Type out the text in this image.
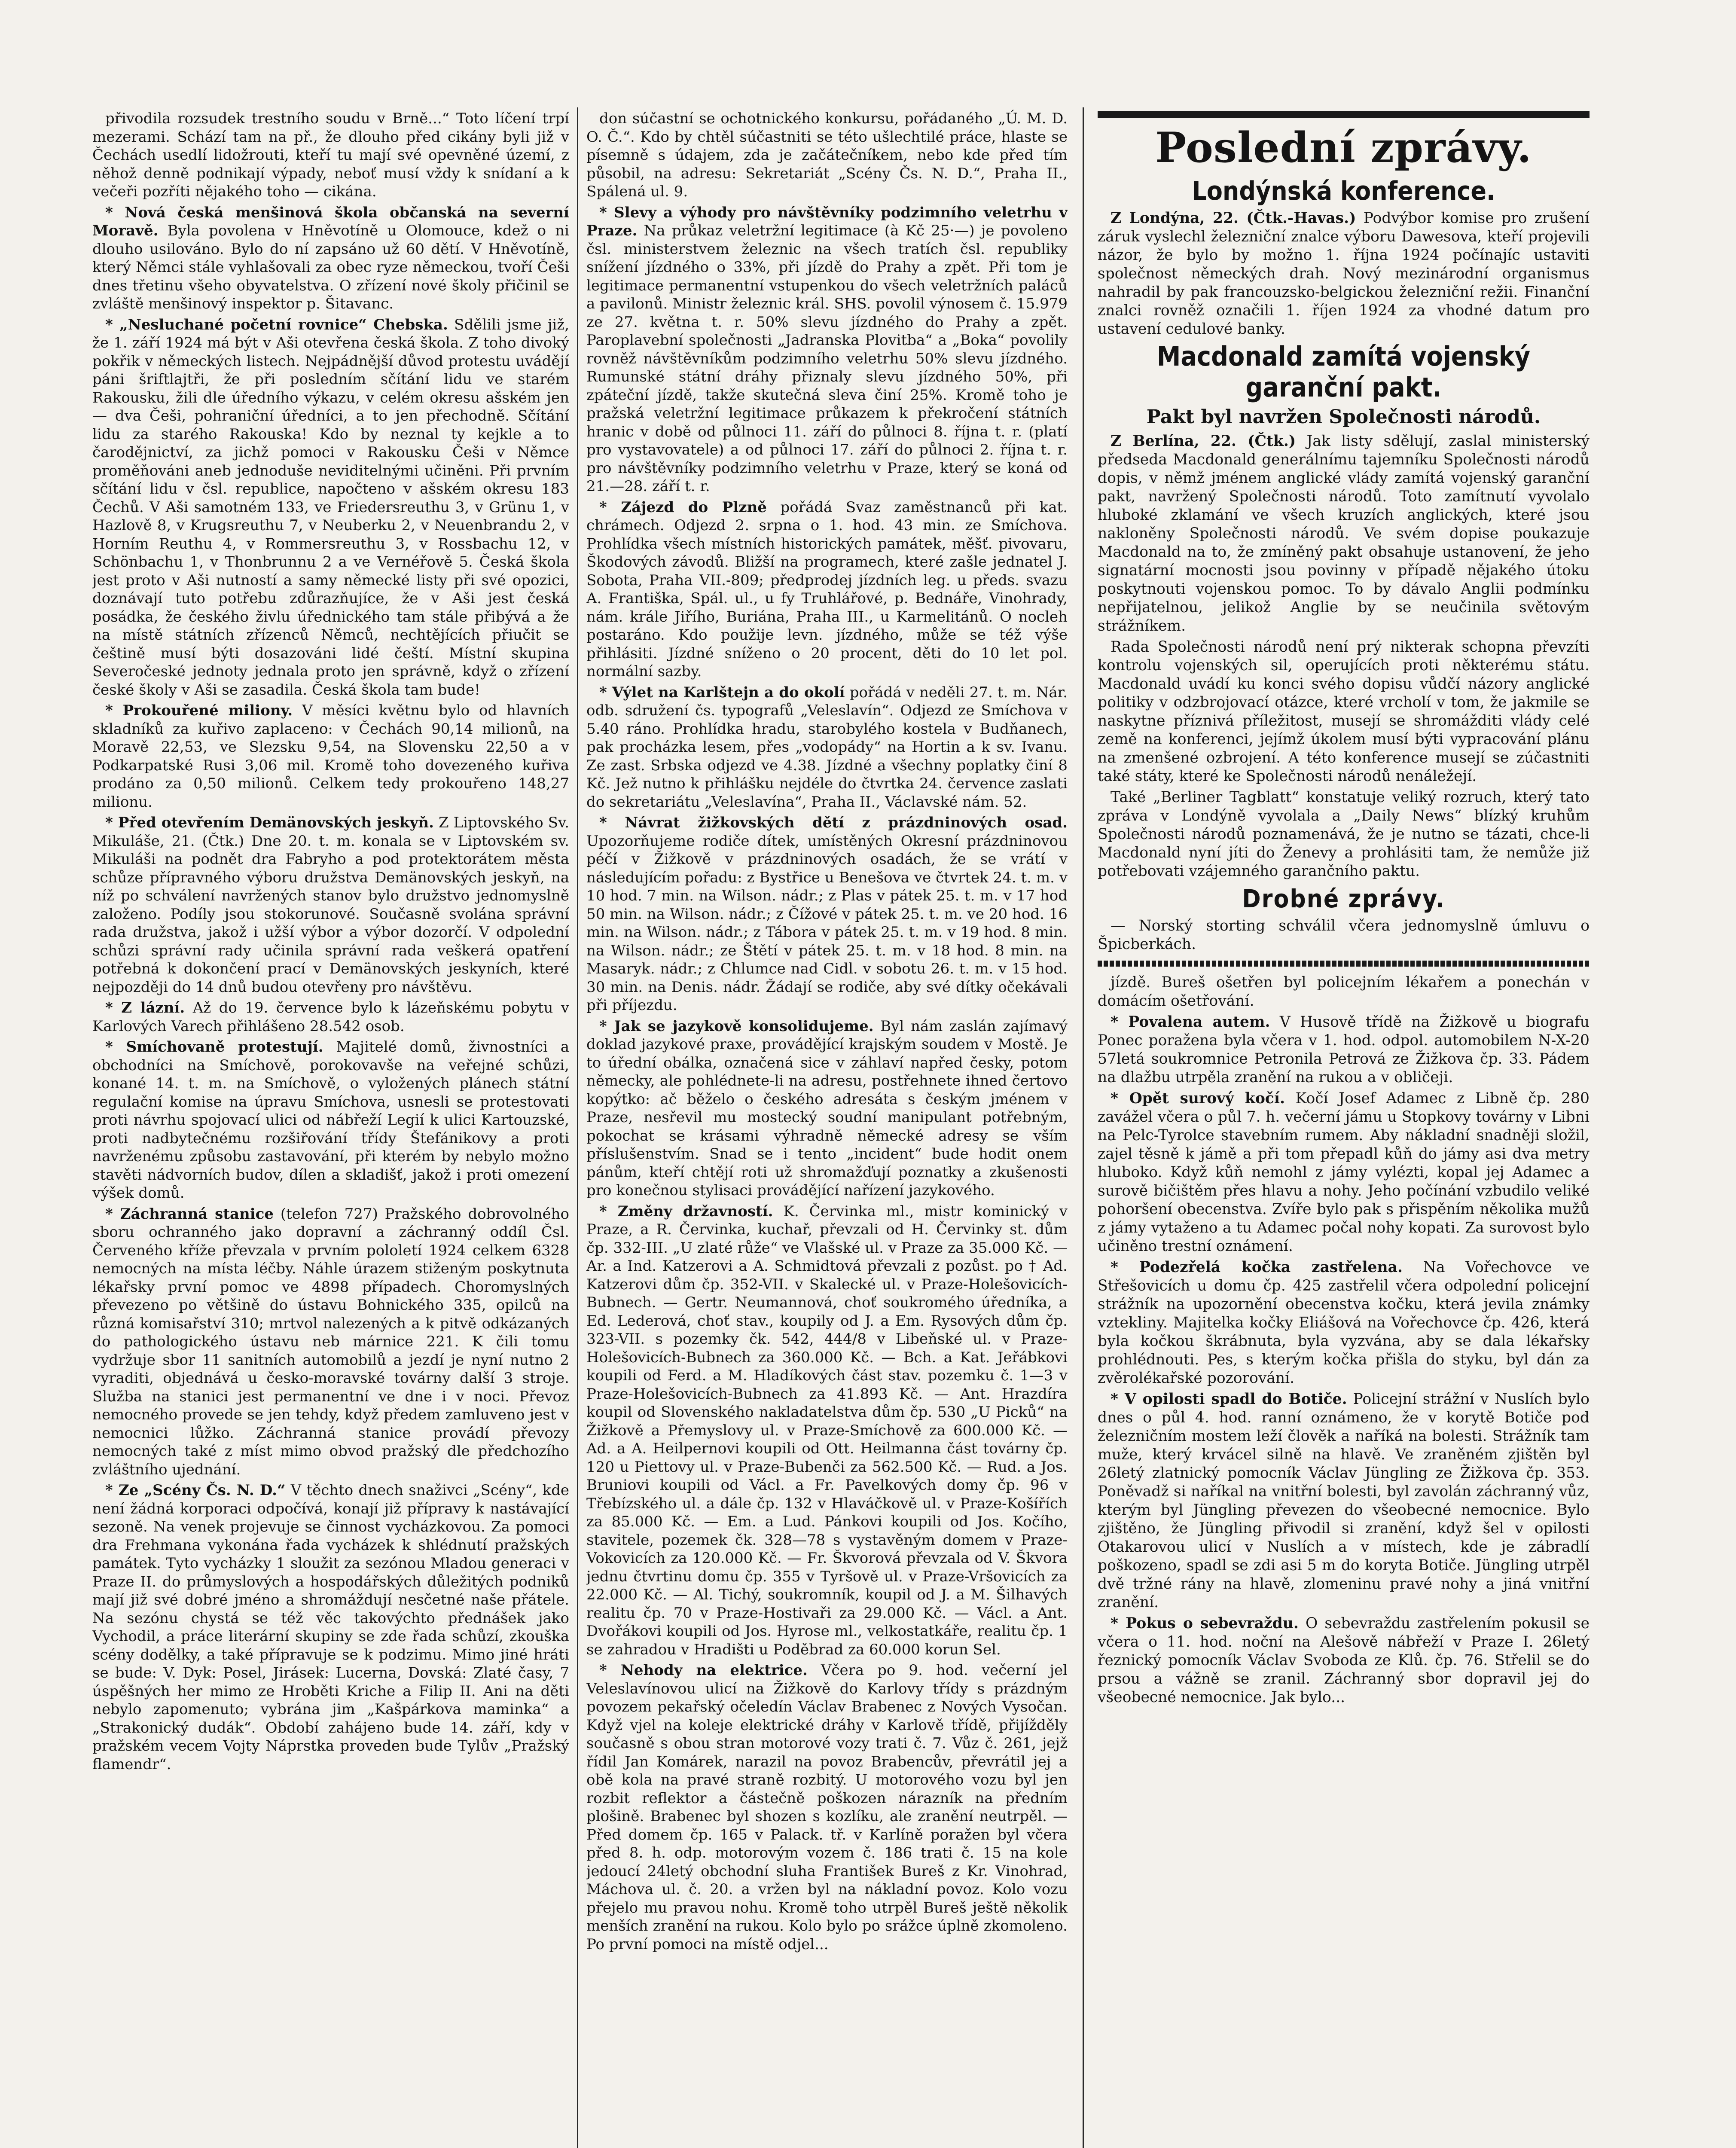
přivodila rozsudek trestního soudu v Brně...“ Toto líčení trpí mezerami. Schází tam na př., že dlouho před cikány byli již v Čechách usedlí lidožrouti, kteří tu mají své opevněné území, z něhož denně podnikají výpady, neboť musí vždy k snídaní a k večeři pozříti nějakého toho — cikána.

* Nová česká menšinová škola občanská na severní Moravě. Byla povolena v Hněvotíně u Olomouce, kdež o ni dlouho usilováno. Bylo do ní zapsáno už 60 dětí. V Hněvotíně, který Němci stále vyhlašovali za obec ryze německou, tvoří Češi dnes třetinu všeho obyvatelstva. O zřízení nové školy přičinil se zvláště menšinový inspektor p. Šitavanc.

* „Nesluchané početní rovnice“ Chebska. Sdělili jsme již, že 1. září 1924 má být v Aši otevřena česká škola. Z toho divoký pokřik v německých listech. Nejpádnější důvod protestu uvádějí páni šriftlajtři, že při posledním sčítání lidu ve starém Rakousku, žili dle úředního výkazu, v celém okresu ašském jen — dva Češi, pohraniční úředníci, a to jen přechodně. Sčítání lidu za starého Rakouska! Kdo by neznal ty kejkle a to čarodějnictví, za jichž pomoci v Rakousku Češi v Němce proměňováni aneb jednoduše neviditelnými učiněni. Při prvním sčítání lidu v čsl. republice, napočteno v ašském okresu 183 Čechů. V Aši samotném 133, ve Friedersreuthu 3, v Grünu 1, v Hazlově 8, v Krugsreuthu 7, v Neuberku 2, v Neuenbrandu 2, v Horním Reuthu 4, v Rommersreuthu 3, v Rossbachu 12, v Schönbachu 1, v Thonbrunnu 2 a ve Vernéřově 5. Česká škola jest proto v Aši nutností a samy německé listy při své opozici, doznávají tuto potřebu zdůrazňujíce, že v Aši jest česká posádka, že českého živlu úřednického tam stále přibývá a že na místě státních zřízenců Němců, nechtějících přiučit se češtině musí býti dosazováni lidé čeští. Místní skupina Severočeské jednoty jednala proto jen správně, když o zřízení české školy v Aši se zasadila. Česká škola tam bude!

* Prokouřené miliony. V měsíci květnu bylo od hlavních skladníků za kuřivo zaplaceno: v Čechách 90,14 milionů, na Moravě 22,53, ve Slezsku 9,54, na Slovensku 22,50 a v Podkarpatské Rusi 3,06 mil. Kromě toho dovezeného kuřiva prodáno za 0,50 milionů. Celkem tedy prokouřeno 148,27 milionu.

* Před otevřením Demänovských jeskyň. Z Liptovského Sv. Mikuláše, 21. (Čtk.) Dne 20. t. m. konala se v Liptovském sv. Mikuláši na podnět dra Fabryho a pod protektorátem města schůze přípravného výboru družstva Demänovských jeskyň, na níž po schválení navržených stanov bylo družstvo jednomyslně založeno. Podíly jsou stokorunové. Současně svolána správní rada družstva, jakož i užší výbor a výbor dozorčí. V odpolední schůzi správní rady učinila správní rada veškerá opatření potřebná k dokončení prací v Demänovských jeskyních, které nejpozději do 14 dnů budou otevřeny pro návštěvu.

* Z lázní. Až do 19. července bylo k lázeňskému pobytu v Karlových Varech přihlášeno 28.542 osob.

* Smíchovaně protestují. Majitelé domů, živnostníci a obchodníci na Smíchově, porokovavše na veřejné schůzi, konané 14. t. m. na Smíchově, o vyložených plánech státní regulační komise na úpravu Smíchova, usnesli se protestovati proti návrhu spojovací ulici od nábřeží Legií k ulici Kartouzské, proti nadbytečnému rozšiřování třídy Štefánikovy a proti navrženému způsobu zastavování, při kterém by nebylo možno stavěti nádvorních budov, dílen a skladišť, jakož i proti omezení výšek domů.

* Záchranná stanice (telefon 727) Pražského dobrovolného sboru ochranného jako dopravní a záchranný oddíl Čsl. Červeného kříže převzala v prvním pololetí 1924 celkem 6328 nemocných na místa léčby. Náhle úrazem stiženým poskytnuta lékařsky první pomoc ve 4898 případech. Choromyslných převezeno po většině do ústavu Bohnického 335, opilců na různá komisařství 310; mrtvol nalezených a k pitvě odkázaných do pathologického ústavu neb márnice 221. K čili tomu vydržuje sbor 11 sanitních automobilů a jezdí je nyní nutno 2 vyraditi, objednává u česko-moravské továrny další 3 stroje. Služba na stanici jest permanentní ve dne i v noci. Převoz nemocného provede se jen tehdy, když předem zamluveno jest v nemocnici lůžko. Záchranná stanice provádí převozy nemocných také z míst mimo obvod pražský dle předchozího zvláštního ujednání.

* Ze „Scény Čs. N. D.“ V těchto dnech snaživci „Scény“, kde není žádná korporaci odpočívá, konají již přípravy k nastávající sezoně. Na venek projevuje se činnost vycházkovou. Za pomoci dra Frehmana vykonána řada vycházek k shlédnutí pražských památek. Tyto vycházky 1 sloužit za sezónou Mladou generaci v Praze II. do průmyslových a hospodářských důležitých podniků mají již své dobré jméno a shromáždují nesčetné naše přátele. Na sezónu chystá se též věc takovýchto přednášek jako Vychodil, a práce literární skupiny se zde řada schůzí, zkouška scény dodělky, a také přípravuje se k podzimu. Mimo jiné hráti se bude: V. Dyk: Posel, Jirásek: Lucerna, Dovská: Zlaté časy, 7 úspěšných her mimo ze Hroběti Kriche a Filip II. Ani na děti nebylo zapomenuto; vybrána jim „Kašpárkova maminka“ a „Strakonický dudák“. Období zahájeno bude 14. září, kdy v pražském vecem Vojty Náprstka proveden bude Tylův „Pražský flamendr“.

don súčastní se ochotnického konkursu, pořádaného „Ú. M. D. O. Č.“. Kdo by chtěl súčastniti se této ušlechtilé práce, hlaste se písemně s údajem, zda je začátečníkem, nebo kde před tím působil, na adresu: Sekretariát „Scény Čs. N. D.“, Praha II., Spálená ul. 9.

* Slevy a výhody pro návštěvníky podzimního veletrhu v Praze. Na průkaz veletržní legitimace (à Kč 25·—) je povoleno čsl. ministerstvem železnic na všech tratích čsl. republiky snížení jízdného o 33%, při jízdě do Prahy a zpět. Při tom je legitimace permanentní vstupenkou do všech veletržních paláců a pavilonů. Ministr železnic král. SHS. povolil výnosem č. 15.979 ze 27. května t. r. 50% slevu jízdného do Prahy a zpět. Paroplavební společnosti „Jadranska Plovitba“ a „Boka“ povolily rovněž návštěvníkům podzimního veletrhu 50% slevu jízdného. Rumunské státní dráhy přiznaly slevu jízdného 50%, při zpáteční jízdě, takže skutečná sleva činí 25%. Kromě toho je pražská veletržní legitimace průkazem k překročení státních hranic v době od půlnoci 11. září do půlnoci 8. října t. r. (platí pro vystavovatele) a od půlnoci 17. září do půlnoci 2. října t. r. pro návštěvníky podzimního veletrhu v Praze, který se koná od 21.—28. září t. r.

* Zájezd do Plzně pořádá Svaz zaměstnanců při kat. chrámech. Odjezd 2. srpna o 1. hod. 43 min. ze Smíchova. Prohlídka všech místních historických památek, měšť. pivovaru, Škodových závodů. Bližší na programech, které zašle jednatel J. Sobota, Praha VII.-809; předprodej jízdních leg. u předs. svazu A. Františka, Spál. ul., u fy Truhlářové, p. Bednáře, Vinohrady, nám. krále Jiřího, Buriána, Praha III., u Karmelitánů. O nocleh postaráno. Kdo použije levn. jízdného, může se též výše přihlásiti. Jízdné sníženo o 20 procent, děti do 10 let pol. normální sazby.

* Výlet na Karlštejn a do okolí pořádá v neděli 27. t. m. Nár. odb. sdružení čs. typografů „Veleslavín“. Odjezd ze Smíchova v 5.40 ráno. Prohlídka hradu, starobylého kostela v Budňanech, pak procházka lesem, přes „vodopády“ na Hortin a k sv. Ivanu. Ze zast. Srbska odjezd ve 4.38. Jízdné a všechny poplatky činí 8 Kč. Jež nutno k přihlášku nejdéle do čtvrtka 24. července zaslati do sekretariátu „Veleslavína“, Praha II., Václavské nám. 52.

* Návrat žižkovských dětí z prázdninových osad. Upozorňujeme rodiče dítek, umístěných Okresní prázdninovou péčí v Žižkově v prázdninových osadách, že se vrátí v následujícím pořadu: z Bystřice u Benešova ve čtvrtek 24. t. m. v 10 hod. 7 min. na Wilson. nádr.; z Plas v pátek 25. t. m. v 17 hod 50 min. na Wilson. nádr.; z Čížové v pátek 25. t. m. ve 20 hod. 16 min. na Wilson. nádr.; z Tábora v pátek 25. t. m. v 19 hod. 8 min. na Wilson. nádr.; ze Štětí v pátek 25. t. m. v 18 hod. 8 min. na Masaryk. nádr.; z Chlumce nad Cidl. v sobotu 26. t. m. v 15 hod. 30 min. na Denis. nádr. Žádají se rodiče, aby své dítky očekávali při příjezdu.

* Jak se jazykově konsolidujeme. Byl nám zaslán zajímavý doklad jazykové praxe, provádějící krajským soudem v Mostě. Je to úřední obálka, označená sice v záhlaví napřed česky, potom německy, ale pohlédnete-li na adresu, postřehnete ihned čertovo kopýtko: ač běželo o českého adresáta s českým jménem v Praze, nesřevil mu mostecký soudní manipulant potřebným, pokochat se krásami výhradně německé adresy se vším příslušenstvím. Snad se i tento „incident“ bude hodit onem pánům, kteří chtějí roti už shromažďují poznatky a zkušenosti pro konečnou stylisaci provádějící nařízení jazykového.

* Změny državností. K. Červinka ml., mistr kominický v Praze, a R. Červinka, kuchař, převzali od H. Červinky st. dům čp. 332-III. „U zlaté růže“ ve Vlašské ul. v Praze za 35.000 Kč. — Ar. a Ind. Katzerovi a A. Schmidtová převzali z pozůst. po † Ad. Katzerovi dům čp. 352-VII. v Skalecké ul. v Praze-Holešovicích-Bubnech. — Gertr. Neumannová, choť soukromého úředníka, a Ed. Lederová, choť stav., koupily od J. a Em. Rysových dům čp. 323-VII. s pozemky čk. 542, 444/8 v Libeňské ul. v Praze-Holešovicích-Bubnech za 360.000 Kč. — Bch. a Kat. Jeřábkovi koupili od Ferd. a M. Hladíkových část stav. pozemku č. 1—3 v Praze-Holešovicích-Bubnech za 41.893 Kč. — Ant. Hrazdíra koupil od Slovenského nakladatelstva dům čp. 530 „U Picků“ na Žižkově a Přemyslovy ul. v Praze-Smíchově za 600.000 Kč. — Ad. a A. Heilpernovi koupili od Ott. Heilmanna část továrny čp. 120 u Piettovy ul. v Praze-Bubenči za 562.500 Kč. — Rud. a Jos. Bruniovi koupili od Václ. a Fr. Pavelkových domy čp. 96 v Třebízského ul. a dále čp. 132 v Hlaváčkově ul. v Praze-Košířích za 85.000 Kč. — Em. a Lud. Pánkovi koupili od Jos. Kočího, stavitele, pozemek čk. 328—78 s vystavěným domem v Praze-Vokovicích za 120.000 Kč. — Fr. Škvorová převzala od V. Škvora jednu čtvrtinu domu čp. 355 v Tyršově ul. v Praze-Vršovicích za 22.000 Kč. — Al. Tichý, soukromník, koupil od J. a M. Šilhavých realitu čp. 70 v Praze-Hostivaři za 29.000 Kč. — Václ. a Ant. Dvořákovi koupili od Jos. Hyrose ml., velkostatkáře, realitu čp. 1 se zahradou v Hradišti u Poděbrad za 60.000 korun Sel.

* Nehody na elektrice. Včera po 9. hod. večerní jel Veleslavínovou ulicí na Žižkově do Karlovy třídy s prázdným povozem pekařský očeledín Václav Brabenec z Nových Vysočan. Když vjel na koleje elektrické dráhy v Karlově třídě, přijížděly současně s obou stran motorové vozy trati č. 7. Vůz č. 261, jejž řídil Jan Komárek, narazil na povoz Brabencův, převrátil jej a obě kola na pravé straně rozbitý. U motorového vozu byl jen rozbit reflektor a částečně poškozen nárazník na předním plošině. Brabenec byl shozen s kozlíku, ale zranění neutrpěl. — Před domem čp. 165 v Palack. tř. v Karlíně poražen byl včera před 8. h. odp. motorovým vozem č. 186 trati č. 15 na kole jedoucí 24letý obchodní sluha František Bureš z Kr. Vinohrad, Máchova ul. č. 20. a vržen byl na nákladní povoz. Kolo vozu přejelo mu pravou nohu. Kromě toho utrpěl Bureš ještě několik menších zranění na rukou. Kolo bylo po srážce úplně zkomoleno. Po první pomoci na místě odjel...

Poslední zprávy.
Londýnská konference.

Z Londýna, 22. (Čtk.-Havas.) Podvýbor komise pro zrušení záruk vyslechl železniční znalce výboru Dawesova, kteří projevili názor, že bylo by možno 1. října 1924 počínajíc ustaviti společnost německých drah. Nový mezinárodní organismus nahradil by pak francouzsko-belgickou železniční režii. Finanční znalci rovněž označili 1. říjen 1924 za vhodné datum pro ustavení cedulové banky.

Macdonald zamítá vojenský garanční pakt.
Pakt byl navržen Společnosti národů.

Z Berlína, 22. (Čtk.) Jak listy sdělují, zaslal ministerský předseda Macdonald generálnímu tajemníku Společnosti národů dopis, v němž jménem anglické vlády zamítá vojenský garanční pakt, navržený Společnosti národů. Toto zamítnutí vyvolalo hluboké zklamání ve všech kruzích anglických, které jsou nakloněny Společnosti národů. Ve svém dopise poukazuje Macdonald na to, že zmíněný pakt obsahuje ustanovení, že jeho signatární mocnosti jsou povinny v případě nějakého útoku poskytnouti vojenskou pomoc. To by dávalo Anglii podmínku nepřijatelnou, jelikož Anglie by se neučinila světovým strážníkem.

Rada Společnosti národů není prý nikterak schopna převzíti kontrolu vojenských sil, operujících proti některému státu. Macdonald uvádí ku konci svého dopisu vůdčí názory anglické politiky v odzbrojovací otázce, které vrcholí v tom, že jakmile se naskytne příznivá příležitost, musejí se shromážditi vlády celé země na konferenci, jejímž úkolem musí býti vypracování plánu na zmenšené ozbrojení. A této konference musejí se zúčastniti také státy, které ke Společnosti národů nenáležejí.

Také „Berliner Tagblatt“ konstatuje veliký rozruch, který tato zpráva v Londýně vyvolala a „Daily News“ blízký kruhům Společnosti národů poznamenává, že je nutno se tázati, chce-li Macdonald nyní jíti do Ženevy a prohlásiti tam, že nemůže již potřebovati vzájemného garančního paktu.

Drobné zprávy.

— Norský storting schválil včera jednomyslně úmluvu o Špicberkách.

jízdě. Bureš ošetřen byl policejním lékařem a ponechán v domácím ošetřování.

* Povalena autem. V Husově třídě na Žižkově u biografu Ponec poražena byla včera v 1. hod. odpol. automobilem N-X-20 57letá soukromnice Petronila Petrová ze Žižkova čp. 33. Pádem na dlažbu utrpěla zranění na rukou a v obličeji.

* Opět surový kočí. Kočí Josef Adamec z Libně čp. 280 zavážel včera o půl 7. h. večerní jámu u Stopkovy továrny v Libni na Pelc-Tyrolce stavebním rumem. Aby nákladní snadněji složil, zajel těsně k jámě a při tom přepadl kůň do jámy asi dva metry hluboko. Když kůň nemohl z jámy vylézti, kopal jej Adamec a surově bičištěm přes hlavu a nohy. Jeho počínání vzbudilo veliké pohoršení obecenstva. Zvíře bylo pak s přispěním několika mužů z jámy vytaženo a tu Adamec počal nohy kopati. Za surovost bylo učiněno trestní oznámení.

* Podezřelá kočka zastřelena. Na Vořechovce ve Střešovicích u domu čp. 425 zastřelil včera odpolední policejní strážník na upozornění obecenstva kočku, která jevila známky vztekliny. Majitelka kočky Eliášová na Vořechovce čp. 426, která byla kočkou škrábnuta, byla vyzvána, aby se dala lékařsky prohlédnouti. Pes, s kterým kočka přišla do styku, byl dán za zvěrolékařské pozorování.

* V opilosti spadl do Botiče. Policejní strážní v Nuslích bylo dnes o půl 4. hod. ranní oznámeno, že v korytě Botiče pod železničním mostem leží člověk a naříká na bolesti. Strážník tam muže, který krvácel silně na hlavě. Ve zraněném zjištěn byl 26letý zlatnický pomocník Václav Jüngling ze Žižkova čp. 353. Poněvadž si naříkal na vnitřní bolesti, byl zavolán záchranný vůz, kterým byl Jüngling převezen do všeobecné nemocnice. Bylo zjištěno, že Jüngling přivodil si zranění, když šel v opilosti Otakarovou ulicí v Nuslích a v místech, kde je zábradlí poškozeno, spadl se zdi asi 5 m do koryta Botiče. Jüngling utrpěl dvě tržné rány na hlavě, zlomeninu pravé nohy a jiná vnitřní zranění.

* Pokus o sebevraždu. O sebevraždu zastřelením pokusil se včera o 11. hod. noční na Alešově nábřeží v Praze I. 26letý řeznický pomocník Václav Svoboda ze Klů. čp. 76. Střelil se do prsou a vážně se zranil. Záchranný sbor dopravil jej do všeobecné nemocnice. Jak bylo...
